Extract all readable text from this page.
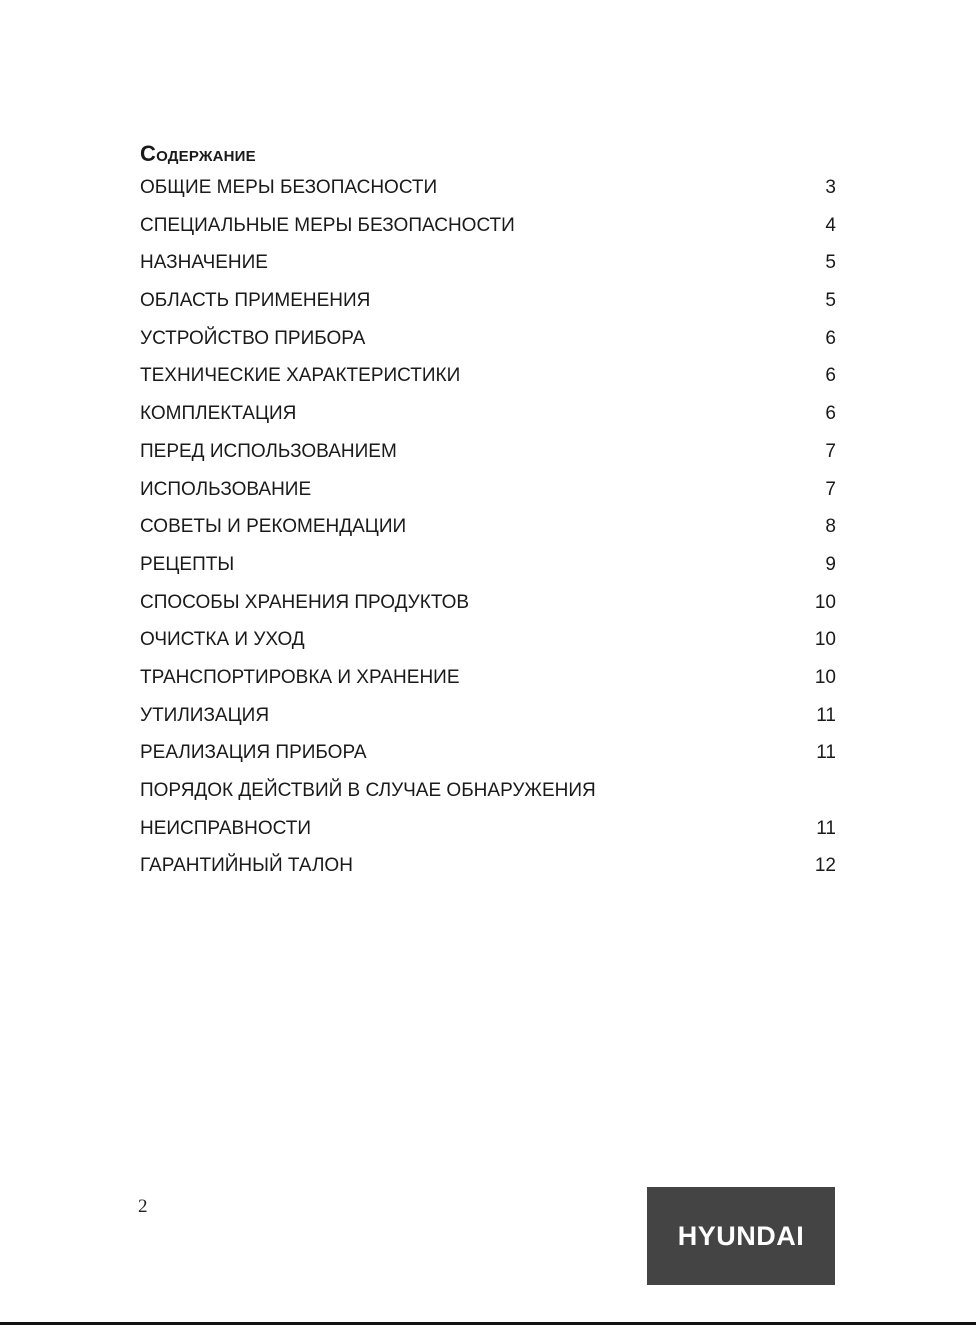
Содержание
ОБЩИЕ МЕРЫ БЕЗОПАСНОСТИ	3
СПЕЦИАЛЬНЫЕ МЕРЫ БЕЗОПАСНОСТИ	4
НАЗНАЧЕНИЕ	5
ОБЛАСТЬ ПРИМЕНЕНИЯ	5
УСТРОЙСТВО ПРИБОРА	6
ТЕХНИЧЕСКИЕ ХАРАКТЕРИСТИКИ	6
КОМПЛЕКТАЦИЯ	6
ПЕРЕД ИСПОЛЬЗОВАНИЕМ	7
ИСПОЛЬЗОВАНИЕ	7
СОВЕТЫ И РЕКОМЕНДАЦИИ	8
РЕЦЕПТЫ	9
СПОСОБЫ ХРАНЕНИЯ ПРОДУКТОВ	10
ОЧИСТКА И УХОД	10
ТРАНСПОРТИРОВКА И ХРАНЕНИЕ	10
УТИЛИЗАЦИЯ	11
РЕАЛИЗАЦИЯ ПРИБОРА	11
ПОРЯДОК ДЕЙСТВИЙ В СЛУЧАЕ ОБНАРУЖЕНИЯ
НЕИСПРАВНОСТИ	11
ГАРАНТИЙНЫЙ ТАЛОН	12
2
HYUNDAI
